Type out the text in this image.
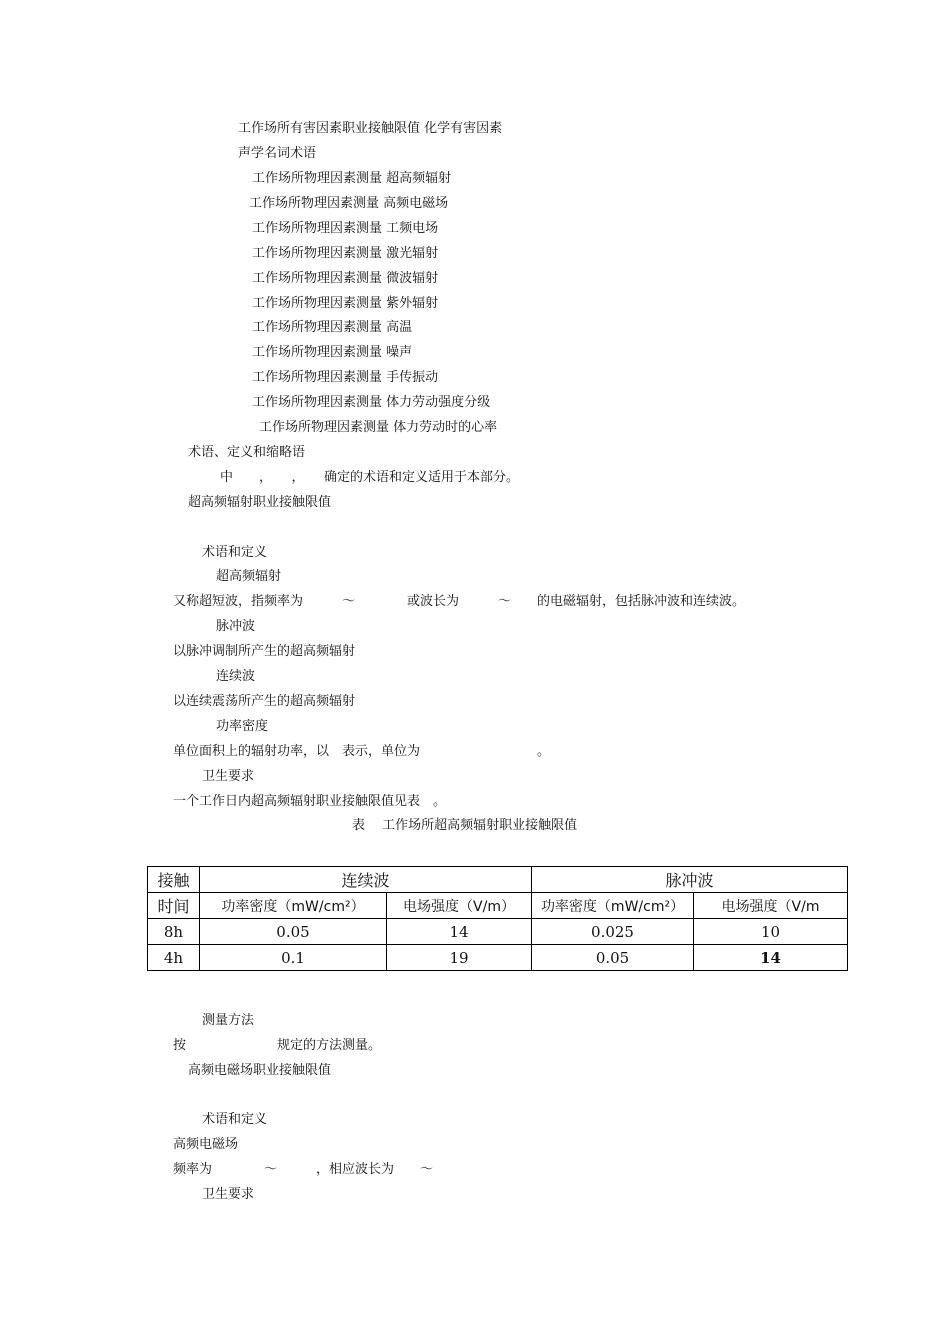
工作场所有害因素职业接触限值 化学有害因素
声学名词术语
工作场所物理因素测量 超高频辐射
工作场所物理因素测量 高频电磁场
工作场所物理因素测量 工频电场
工作场所物理因素测量 激光辐射
工作场所物理因素测量 微波辐射
工作场所物理因素测量 紫外辐射
工作场所物理因素测量 高温
工作场所物理因素测量 噪声
工作场所物理因素测量 手传振动
工作场所物理因素测量 体力劳动强度分级
工作场所物理因素测量 体力劳动时的心率
术语、定义和缩略语
中　　，　　，　　确定的术语和定义适用于本部分。
超高频辐射职业接触限值
术语和定义
超高频辐射
又称超短波，指频率为　　　～　　　　或波长为　　　～　　的电磁辐射，包括脉冲波和连续波。
脉冲波
以脉冲调制所产生的超高频辐射
连续波
以连续震荡所产生的超高频辐射
功率密度
单位面积上的辐射功率，以　表示，单位为　　　　　　　　　。
卫生要求
一个工作日内超高频辐射职业接触限值见表　。
表　 工作场所超高频辐射职业接触限值
接触	连续波		脉冲波	
时间	功率密度（mW/cm²）	电场强度（V/m）	功率密度（mW/cm²）	电场强度（V/m
8h	0.05	14	0.025	10
4h	0.1	19	0.05	14
测量方法
按　　　　　　　规定的方法测量。
高频电磁场职业接触限值
术语和定义
高频电磁场
频率为　　　　～　　　，相应波长为　　～
卫生要求
